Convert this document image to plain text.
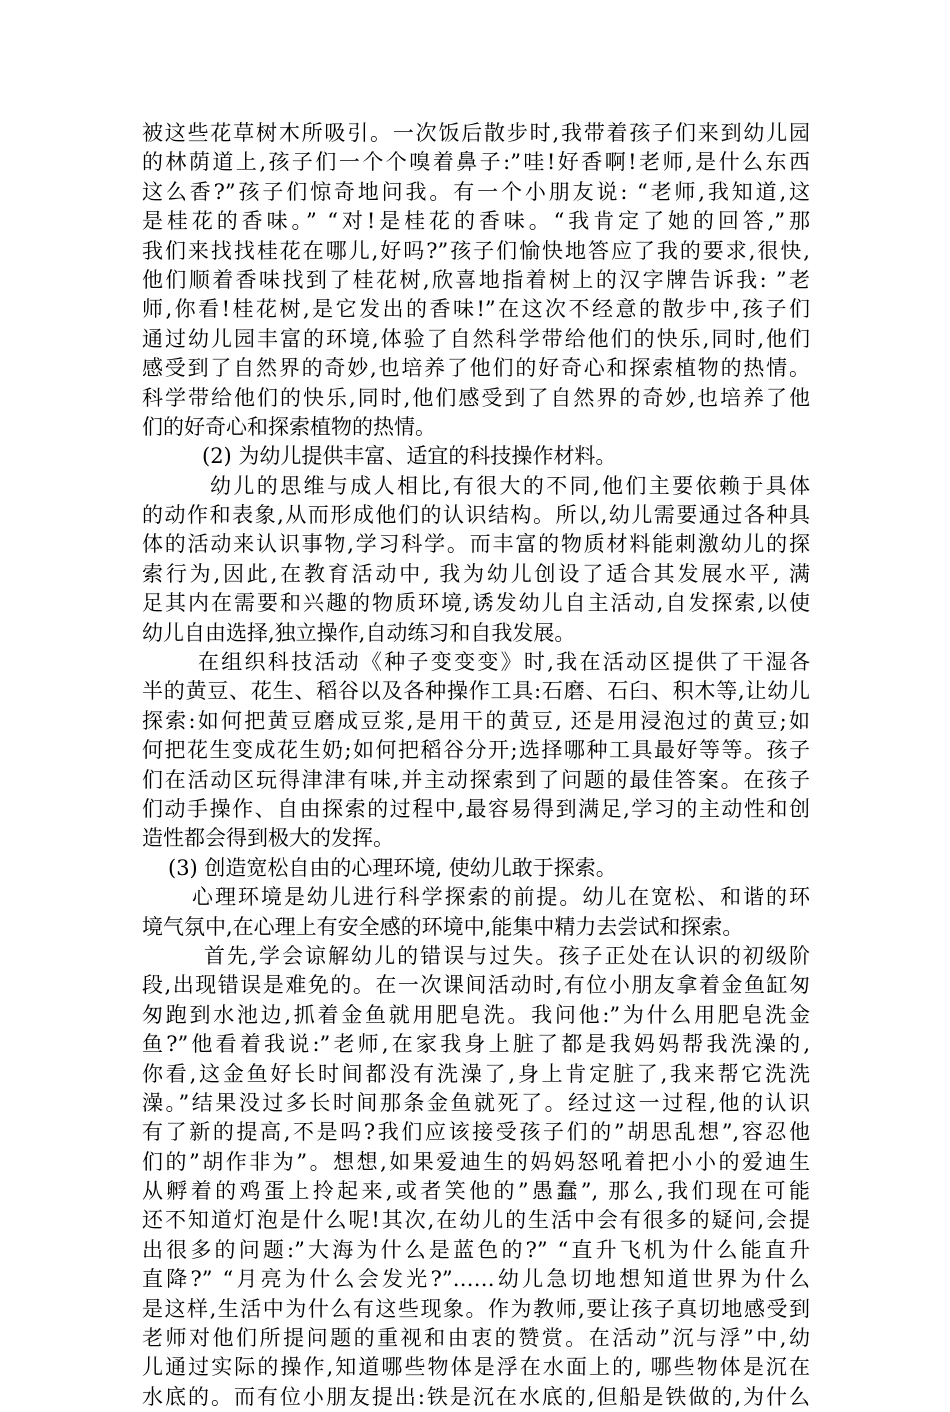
被这些花草树木所吸引。一次饭后散步时,我带着孩子们来到幼儿园
的林荫道上,孩子们一个个嗅着鼻子:”哇!好香啊!老师,是什么东西
这么香?”孩子们惊奇地问我。有一个小朋友说: “老师,我知道,这
是桂花的香味。” “对!是桂花的香味。“我肯定了她的回答,”那
我们来找找桂花在哪儿,好吗?”孩子们愉快地答应了我的要求,很快,
他们顺着香味找到了桂花树,欣喜地指着树上的汉字牌告诉我: ”老
师,你看!桂花树,是它发出的香味!”在这次不经意的散步中,孩子们
通过幼儿园丰富的环境,体验了自然科学带给他们的快乐,同时,他们
感受到了自然界的奇妙,也培养了他们的好奇心和探索植物的热情。
科学带给他们的快乐,同时,他们感受到了自然界的奇妙,也培养了他
们的好奇心和探索植物的热情。
(2) 为幼儿提供丰富、适宜的科技操作材料。
幼儿的思维与成人相比,有很大的不同,他们主要依赖于具体
的动作和表象,从而形成他们的认识结构。所以,幼儿需要通过各种具
体的活动来认识事物,学习科学。而丰富的物质材料能刺激幼儿的探
索行为,因此,在教育活动中, 我为幼儿创设了适合其发展水平, 满
足其内在需要和兴趣的物质环境,诱发幼儿自主活动,自发探索,以使
幼儿自由选择,独立操作,自动练习和自我发展。
在组织科技活动《种子变变变》时,我在活动区提供了干湿各
半的黄豆、花生、稻谷以及各种操作工具:石磨、石臼、积木等,让幼儿
探索:如何把黄豆磨成豆浆,是用干的黄豆, 还是用浸泡过的黄豆;如
何把花生变成花生奶;如何把稻谷分开;选择哪种工具最好等等。孩子
们在活动区玩得津津有味,并主动探索到了问题的最佳答案。在孩子
们动手操作、自由探索的过程中,最容易得到满足,学习的主动性和创
造性都会得到极大的发挥。
(3) 创造宽松自由的心理环境, 使幼儿敢于探索。
心理环境是幼儿进行科学探索的前提。幼儿在宽松、和谐的环
境气氛中,在心理上有安全感的环境中,能集中精力去尝试和探索。
首先,学会谅解幼儿的错误与过失。孩子正处在认识的初级阶
段,出现错误是难免的。在一次课间活动时,有位小朋友拿着金鱼缸匆
匆跑到水池边,抓着金鱼就用肥皂洗。我问他:”为什么用肥皂洗金
鱼?”他看着我说:”老师,在家我身上脏了都是我妈妈帮我洗澡的,
你看,这金鱼好长时间都没有洗澡了,身上肯定脏了,我来帮它洗洗
澡。”结果没过多长时间那条金鱼就死了。经过这一过程,他的认识
有了新的提高,不是吗?我们应该接受孩子们的”胡思乱想”,容忍他
们的”胡作非为”。想想,如果爱迪生的妈妈怒吼着把小小的爱迪生
从孵着的鸡蛋上拎起来,或者笑他的”愚蠢”, 那么,我们现在可能
还不知道灯泡是什么呢!其次,在幼儿的生活中会有很多的疑问,会提
出很多的问题:”大海为什么是蓝色的?” “直升飞机为什么能直升
直降?” “月亮为什么会发光?”……幼儿急切地想知道世界为什么
是这样,生活中为什么有这些现象。作为教师,要让孩子真切地感受到
老师对他们所提问题的重视和由衷的赞赏。在活动”沉与浮”中,幼
儿通过实际的操作,知道哪些物体是浮在水面上的, 哪些物体是沉在
水底的。而有位小朋友提出:铁是沉在水底的,但船是铁做的,为什么
